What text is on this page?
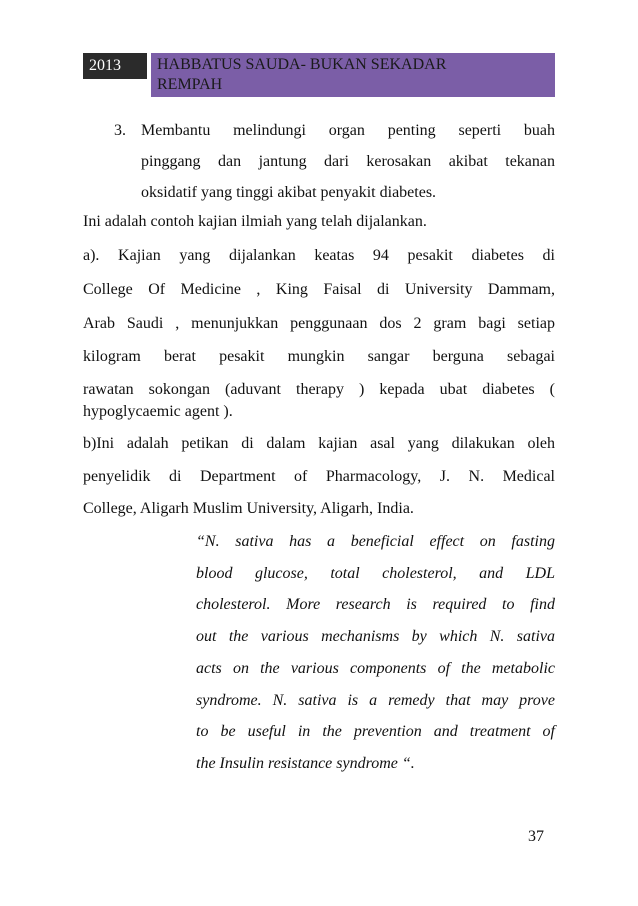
2013	HABBATUS SAUDA- BUKAN SEKADAR
REMPAH
3. Membantu melindungi organ penting seperti buah
pinggang dan jantung dari kerosakan akibat tekanan
oksidatif yang tinggi akibat penyakit diabetes.
Ini adalah contoh kajian ilmiah yang telah dijalankan.
a). Kajian yang dijalankan keatas 94 pesakit diabetes di
College Of Medicine , King Faisal di University Dammam,
Arab Saudi , menunjukkan penggunaan dos 2 gram bagi setiap
kilogram berat pesakit mungkin sangar berguna sebagai
rawatan sokongan (aduvant therapy ) kepada ubat diabetes (
hypoglycaemic agent ).
b)Ini adalah petikan di dalam kajian asal yang dilakukan oleh
penyelidik di Department of Pharmacology, J. N. Medical
College, Aligarh Muslim University, Aligarh, India.
“N. sativa has a beneficial effect on fasting
blood glucose, total cholesterol, and LDL
cholesterol. More research is required to find
out the various mechanisms by which N. sativa
acts on the various components of the metabolic
syndrome. N. sativa is a remedy that may prove
to be useful in the prevention and treatment of
the Insulin resistance syndrome “.
37
